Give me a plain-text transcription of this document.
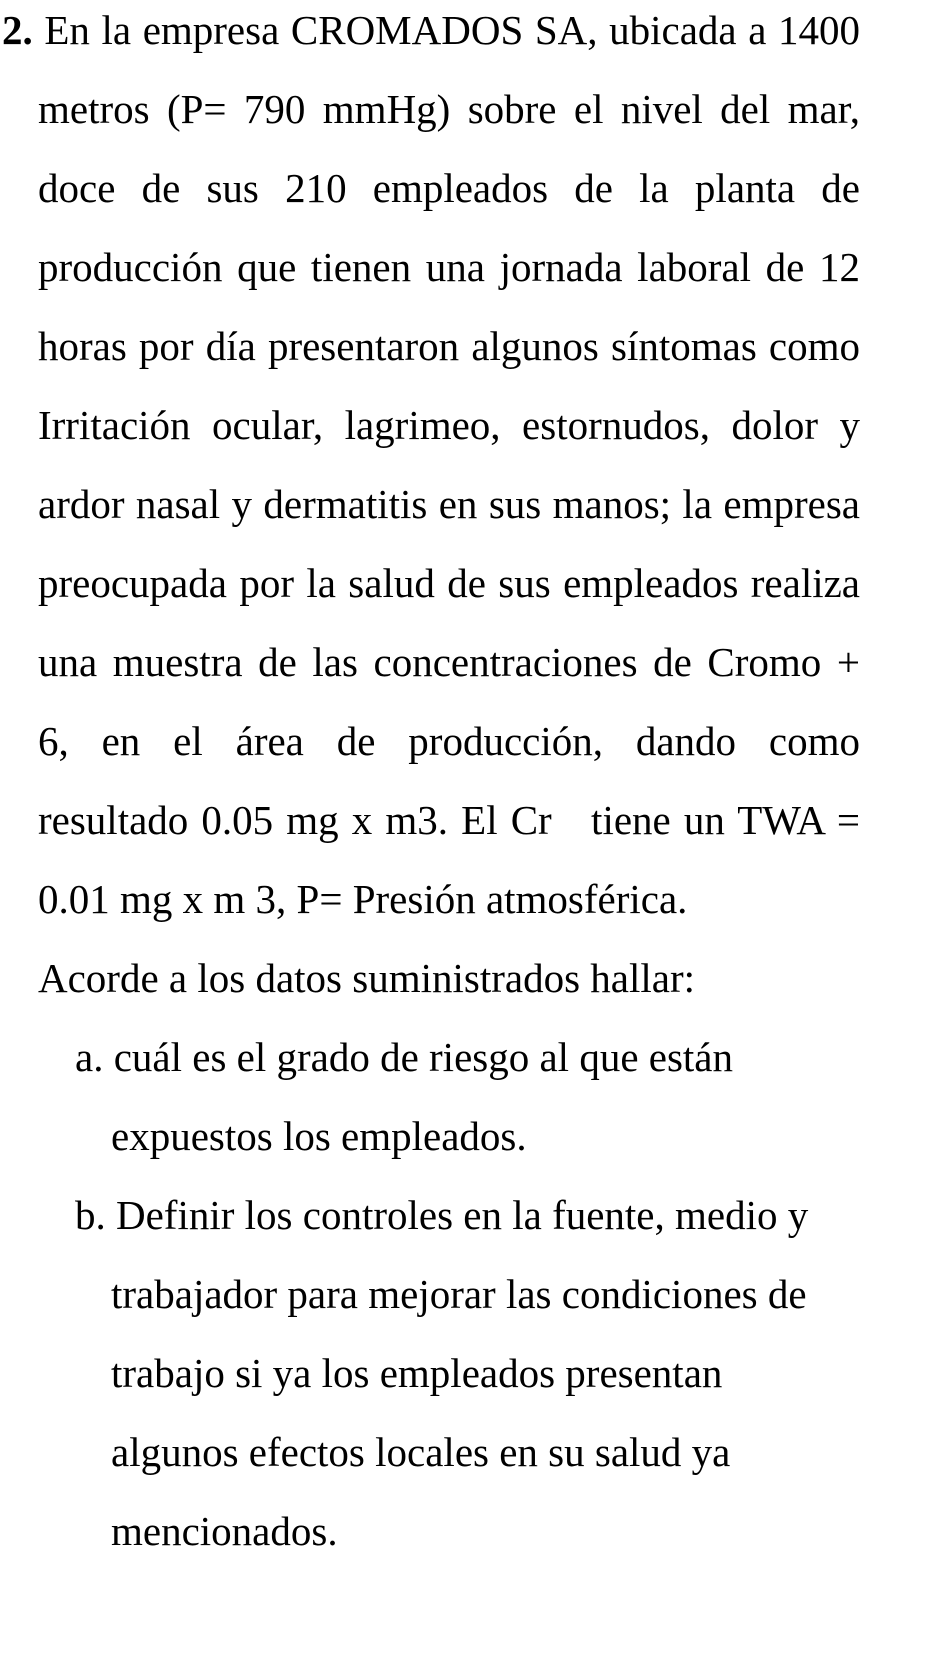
2. En la empresa CROMADOS SA, ubicada a 1400
metros (P= 790 mmHg) sobre el nivel del mar,
doce de sus 210 empleados de la planta de
producción que tienen una jornada laboral de 12
horas por día presentaron algunos síntomas como
Irritación ocular, lagrimeo, estornudos, dolor y
ardor nasal y dermatitis en sus manos; la empresa
preocupada por la salud de sus empleados realiza
una muestra de las concentraciones de Cromo +
6, en el área de producción, dando como
resultado 0.05 mg x m3. El Cr   tiene un TWA =
0.01 mg x m 3, P= Presión atmosférica.
Acorde a los datos suministrados hallar:
a. cuál es el grado de riesgo al que están
expuestos los empleados.
b. Definir los controles en la fuente, medio y
trabajador para mejorar las condiciones de
trabajo si ya los empleados presentan
algunos efectos locales en su salud ya
mencionados.
